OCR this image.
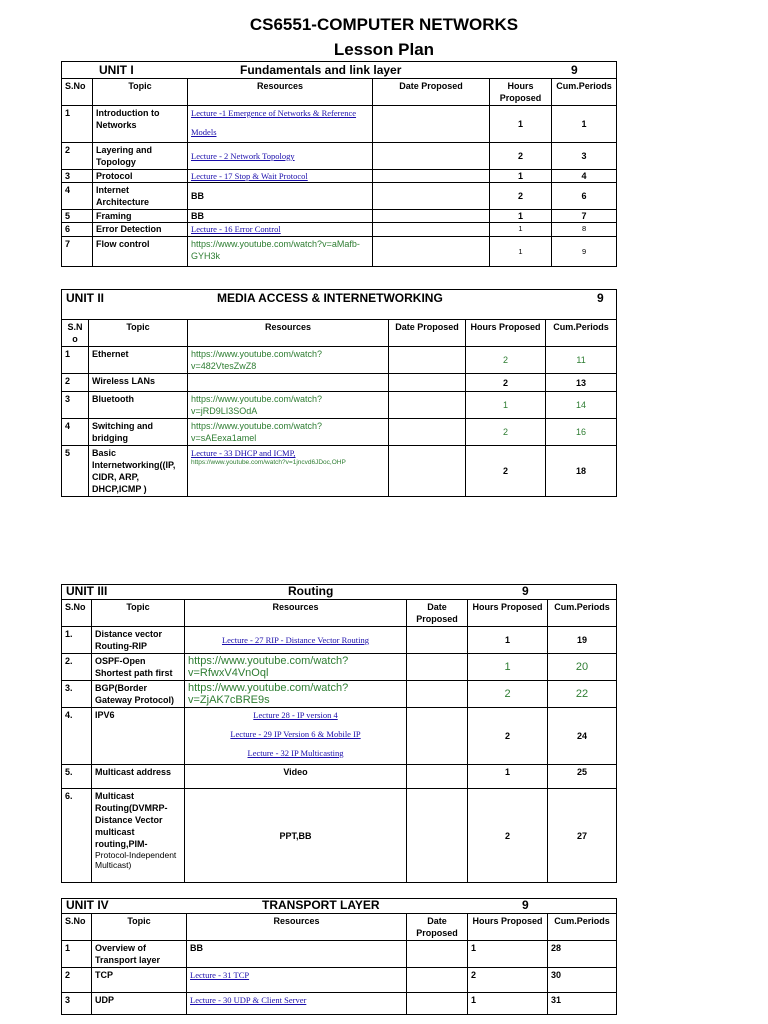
CS6551-COMPUTER NETWORKS
Lesson Plan
UNIT I Fundamentals and link layer 9					

S.No	Topic	Resources	Date Proposed	Hours Proposed	Cum.Periods
1	Introduction to Networks	Lecture -1 Emergence of Networks & Reference
Models		1	1
2	Layering and Topology	Lecture - 2 Network Topology		2	3
3	Protocol	Lecture - 17 Stop & Wait Protocol		1	4
4	Internet Architecture	BB		2	6
5	Framing	BB		1	7
6	Error Detection	Lecture - 16 Error Control		1	8
7	Flow control	https://www.youtube.com/watch?v=aMafb-GYH3k		1	9
UNIT II MEDIA ACCESS & INTERNETWORKING 9					

S.No	Topic	Resources	Date Proposed	Hours Proposed	Cum.Periods
1	Ethernet	https://www.youtube.com/watch?v=482VtesZwZ8		2	11
2	Wireless LANs			2	13
3	Bluetooth	https://www.youtube.com/watch?v=jRD9LI3SOdA		1	14
4	Switching and bridging	https://www.youtube.com/watch?v=sAEexa1amel		2	16
5	Basic Internetworking((IP, CIDR, ARP, DHCP,ICMP )	Lecture - 33 DHCP and ICMP,
https://www.youtube.com/watch?v=1jncvd6JDoc,OHP		2	18
UNIT III Routing 9					

S.No	Topic	Resources	Date Proposed	Hours Proposed	Cum.Periods
1.	Distance vector Routing-RIP	Lecture - 27 RIP - Distance Vector Routing		1	19
2.	OSPF-Open Shortest path first	https://www.youtube.com/watch?v=RfwxV4VnOql		1	20
3.	BGP(Border Gateway Protocol)	https://www.youtube.com/watch?v=ZjAK7cBRE9s		2	22
4.	IPV6	Lecture 28 - IP version 4
Lecture - 29 IP Version 6 & Mobile IP
Lecture - 32 IP Multicasting		2	24
5.	Multicast address	Video		1	25
6.	Multicast Routing(DVMRP-Distance Vector multicast routing,PIM-
Protocol-Independent Multicast)	PPT,BB		2	27
UNIT IV TRANSPORT LAYER 9					

S.No	Topic	Resources	Date Proposed	Hours Proposed	Cum.Periods
1	Overview of Transport layer	BB		1	28
2	TCP	Lecture - 31 TCP		2	30
3	UDP	Lecture - 30 UDP & Client Server		1	31
